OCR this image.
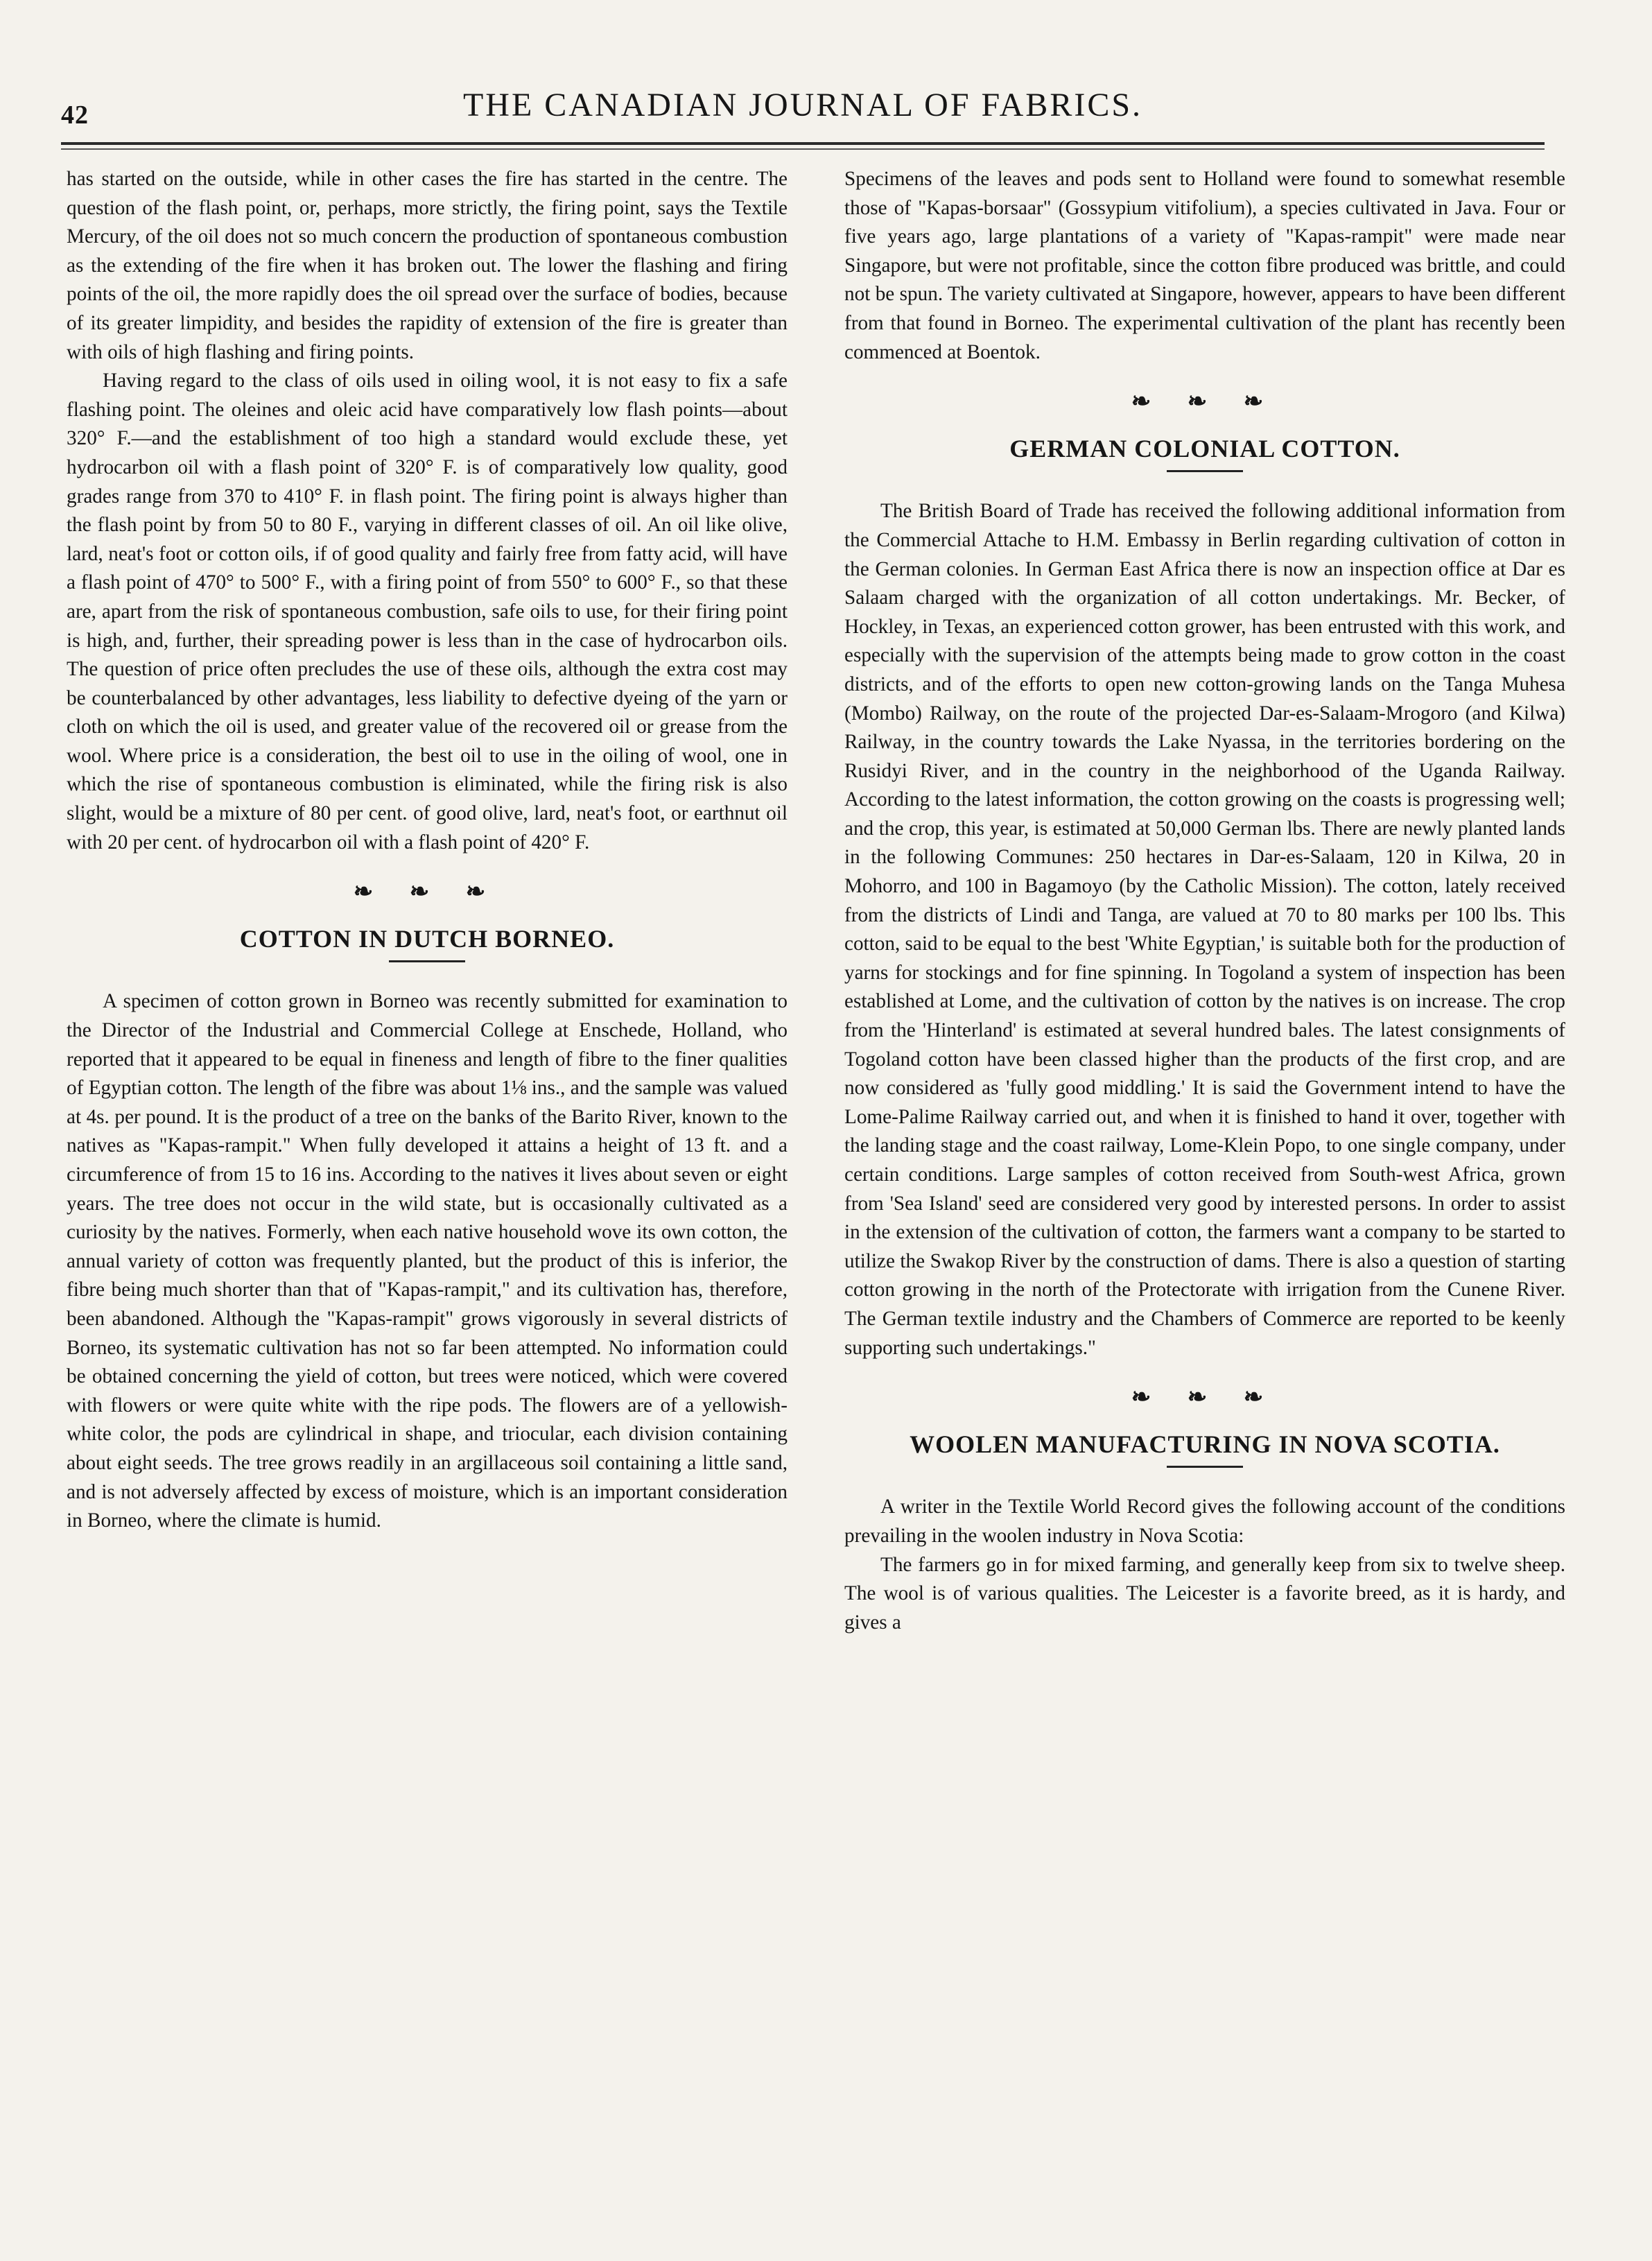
42	THE CANADIAN JOURNAL OF FABRICS.

has started on the outside, while in other cases the fire has started in the centre. The question of the flash point, or, perhaps, more strictly, the firing point, says the Textile Mercury, of the oil does not so much concern the production of spontaneous combustion as the extending of the fire when it has broken out. The lower the flashing and firing points of the oil, the more rapidly does the oil spread over the surface of bodies, because of its greater limpidity, and besides the rapidity of extension of the fire is greater than with oils of high flashing and firing points.

Having regard to the class of oils used in oiling wool, it is not easy to fix a safe flashing point. The oleines and oleic acid have comparatively low flash points—about 320° F.—and the establishment of too high a standard would exclude these, yet hydrocarbon oil with a flash point of 320° F. is of comparatively low quality, good grades range from 370 to 410° F. in flash point. The firing point is always higher than the flash point by from 50 to 80 F., varying in different classes of oil. An oil like olive, lard, neat's foot or cotton oils, if of good quality and fairly free from fatty acid, will have a flash point of 470° to 500° F., with a firing point of from 550° to 600° F., so that these are, apart from the risk of spontaneous combustion, safe oils to use, for their firing point is high, and, further, their spreading power is less than in the case of hydrocarbon oils. The question of price often precludes the use of these oils, although the extra cost may be counterbalanced by other advantages, less liability to defective dyeing of the yarn or cloth on which the oil is used, and greater value of the recovered oil or grease from the wool. Where price is a consideration, the best oil to use in the oiling of wool, one in which the rise of spontaneous combustion is eliminated, while the firing risk is also slight, would be a mixture of 80 per cent. of good olive, lard, neat's foot, or earthnut oil with 20 per cent. of hydrocarbon oil with a flash point of 420° F.

❧ ❧ ❧
COTTON IN DUTCH BORNEO.

A specimen of cotton grown in Borneo was recently submitted for examination to the Director of the Industrial and Commercial College at Enschede, Holland, who reported that it appeared to be equal in fineness and length of fibre to the finer qualities of Egyptian cotton. The length of the fibre was about 1⅛ ins., and the sample was valued at 4s. per pound. It is the product of a tree on the banks of the Barito River, known to the natives as "Kapas-rampit." When fully developed it attains a height of 13 ft. and a circumference of from 15 to 16 ins. According to the natives it lives about seven or eight years. The tree does not occur in the wild state, but is occasionally cultivated as a curiosity by the natives. Formerly, when each native household wove its own cotton, the annual variety of cotton was frequently planted, but the product of this is inferior, the fibre being much shorter than that of "Kapas-rampit," and its cultivation has, therefore, been abandoned. Although the "Kapas-rampit" grows vigorously in several districts of Borneo, its systematic cultivation has not so far been attempted. No information could be obtained concerning the yield of cotton, but trees were noticed, which were covered with flowers or were quite white with the ripe pods. The flowers are of a yellowish-white color, the pods are cylindrical in shape, and triocular, each division containing about eight seeds. The tree grows readily in an argillaceous soil containing a little sand, and is not adversely affected by excess of moisture, which is an important consideration in Borneo, where the climate is humid.

Specimens of the leaves and pods sent to Holland were found to somewhat resemble those of "Kapas-borsaar" (Gossypium vitifolium), a species cultivated in Java. Four or five years ago, large plantations of a variety of "Kapas-rampit" were made near Singapore, but were not profitable, since the cotton fibre produced was brittle, and could not be spun. The variety cultivated at Singapore, however, appears to have been different from that found in Borneo. The experimental cultivation of the plant has recently been commenced at Boentok.

❧ ❧ ❧
GERMAN COLONIAL COTTON.

The British Board of Trade has received the following additional information from the Commercial Attache to H.M. Embassy in Berlin regarding cultivation of cotton in the German colonies. In German East Africa there is now an inspection office at Dar es Salaam charged with the organization of all cotton undertakings. Mr. Becker, of Hockley, in Texas, an experienced cotton grower, has been entrusted with this work, and especially with the supervision of the attempts being made to grow cotton in the coast districts, and of the efforts to open new cotton-growing lands on the Tanga Muhesa (Mombo) Railway, on the route of the projected Dar-es-Salaam-Mrogoro (and Kilwa) Railway, in the country towards the Lake Nyassa, in the territories bordering on the Rusidyi River, and in the country in the neighborhood of the Uganda Railway. According to the latest information, the cotton growing on the coasts is progressing well; and the crop, this year, is estimated at 50,000 German lbs. There are newly planted lands in the following Communes: 250 hectares in Dar-es-Salaam, 120 in Kilwa, 20 in Mohorro, and 100 in Bagamoyo (by the Catholic Mission). The cotton, lately received from the districts of Lindi and Tanga, are valued at 70 to 80 marks per 100 lbs. This cotton, said to be equal to the best 'White Egyptian,' is suitable both for the production of yarns for stockings and for fine spinning. In Togoland a system of inspection has been established at Lome, and the cultivation of cotton by the natives is on increase. The crop from the 'Hinterland' is estimated at several hundred bales. The latest consignments of Togoland cotton have been classed higher than the products of the first crop, and are now considered as 'fully good middling.' It is said the Government intend to have the Lome-Palime Railway carried out, and when it is finished to hand it over, together with the landing stage and the coast railway, Lome-Klein Popo, to one single company, under certain conditions. Large samples of cotton received from South-west Africa, grown from 'Sea Island' seed are considered very good by interested persons. In order to assist in the extension of the cultivation of cotton, the farmers want a company to be started to utilize the Swakop River by the construction of dams. There is also a question of starting cotton growing in the north of the Protectorate with irrigation from the Cunene River. The German textile industry and the Chambers of Commerce are reported to be keenly supporting such undertakings."

❧ ❧ ❧
WOOLEN MANUFACTURING IN NOVA SCOTIA.

A writer in the Textile World Record gives the following account of the conditions prevailing in the woolen industry in Nova Scotia:

The farmers go in for mixed farming, and generally keep from six to twelve sheep. The wool is of various qualities. The Leicester is a favorite breed, as it is hardy, and gives a
